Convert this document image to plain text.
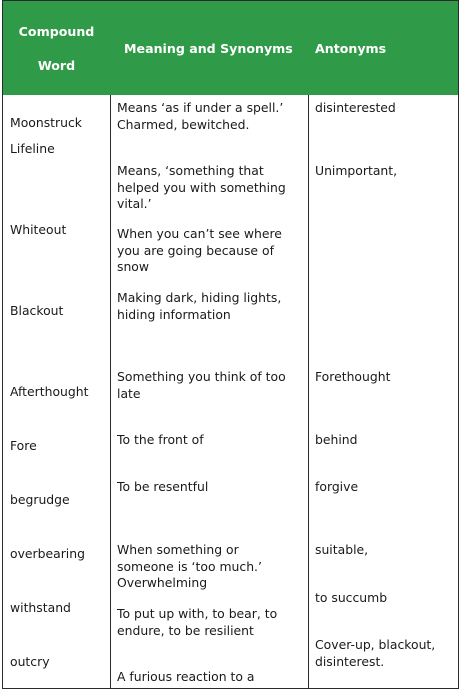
Compound
Word
Meaning and Synonyms Antonyms
Moonstruck
Lifeline
Whiteout
Blackout
Afterthought
Fore
begrudge
overbearing
withstand
outcry
Means ‘as if under a spell.’ Charmed, bewitched.
Means, ‘something that helped you with something vital.’
When you can’t see where you are going because of snow
Making dark, hiding lights, hiding information
Something you think of too late
To the front of
To be resentful
When something or someone is ‘too much.’ Overwhelming
To put up with, to bear, to endure, to be resilient
A furious reaction to a
disinterested
Unimportant,
Forethought
behind
forgive
suitable,
to succumb
Cover-up, blackout, disinterest.
